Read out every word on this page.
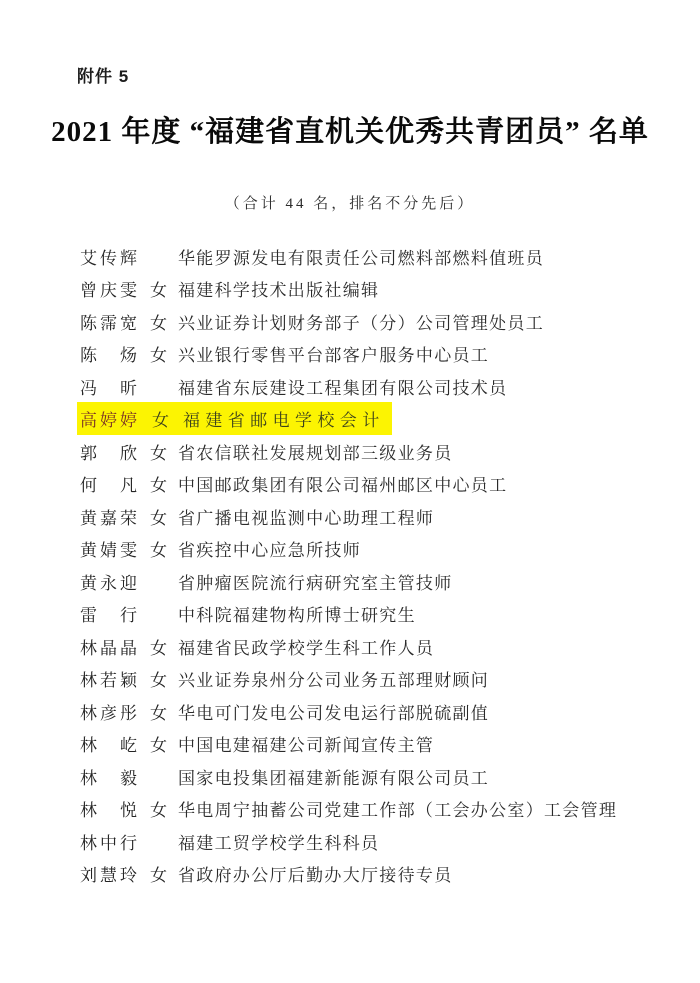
附件 5
2021 年度 “福建省直机关优秀共青团员” 名单
（合计 44 名，排名不分先后）
艾传辉 华能罗源发电有限责任公司燃料部燃料值班员
曾庆雯 女 福建科学技术出版社编辑
陈霈宽 女 兴业证券计划财务部子（分）公司管理处员工
陈　炀 女 兴业银行零售平台部客户服务中心员工
冯　昕 福建省东辰建设工程集团有限公司技术员
高婷婷 女 福建省邮电学校会计
郭　欣 女 省农信联社发展规划部三级业务员
何　凡 女 中国邮政集团有限公司福州邮区中心员工
黄嘉荣 女 省广播电视监测中心助理工程师
黄婧雯 女 省疾控中心应急所技师
黄永迎 省肿瘤医院流行病研究室主管技师
雷　行 中科院福建物构所博士研究生
林晶晶 女 福建省民政学校学生科工作人员
林若颖 女 兴业证券泉州分公司业务五部理财顾问
林彦彤 女 华电可门发电公司发电运行部脱硫副值
林　屹 女 中国电建福建公司新闻宣传主管
林　毅 国家电投集团福建新能源有限公司员工
林　悦 女 华电周宁抽蓄公司党建工作部（工会办公室）工会管理
林中行 福建工贸学校学生科科员
刘慧玲 女 省政府办公厅后勤办大厅接待专员
